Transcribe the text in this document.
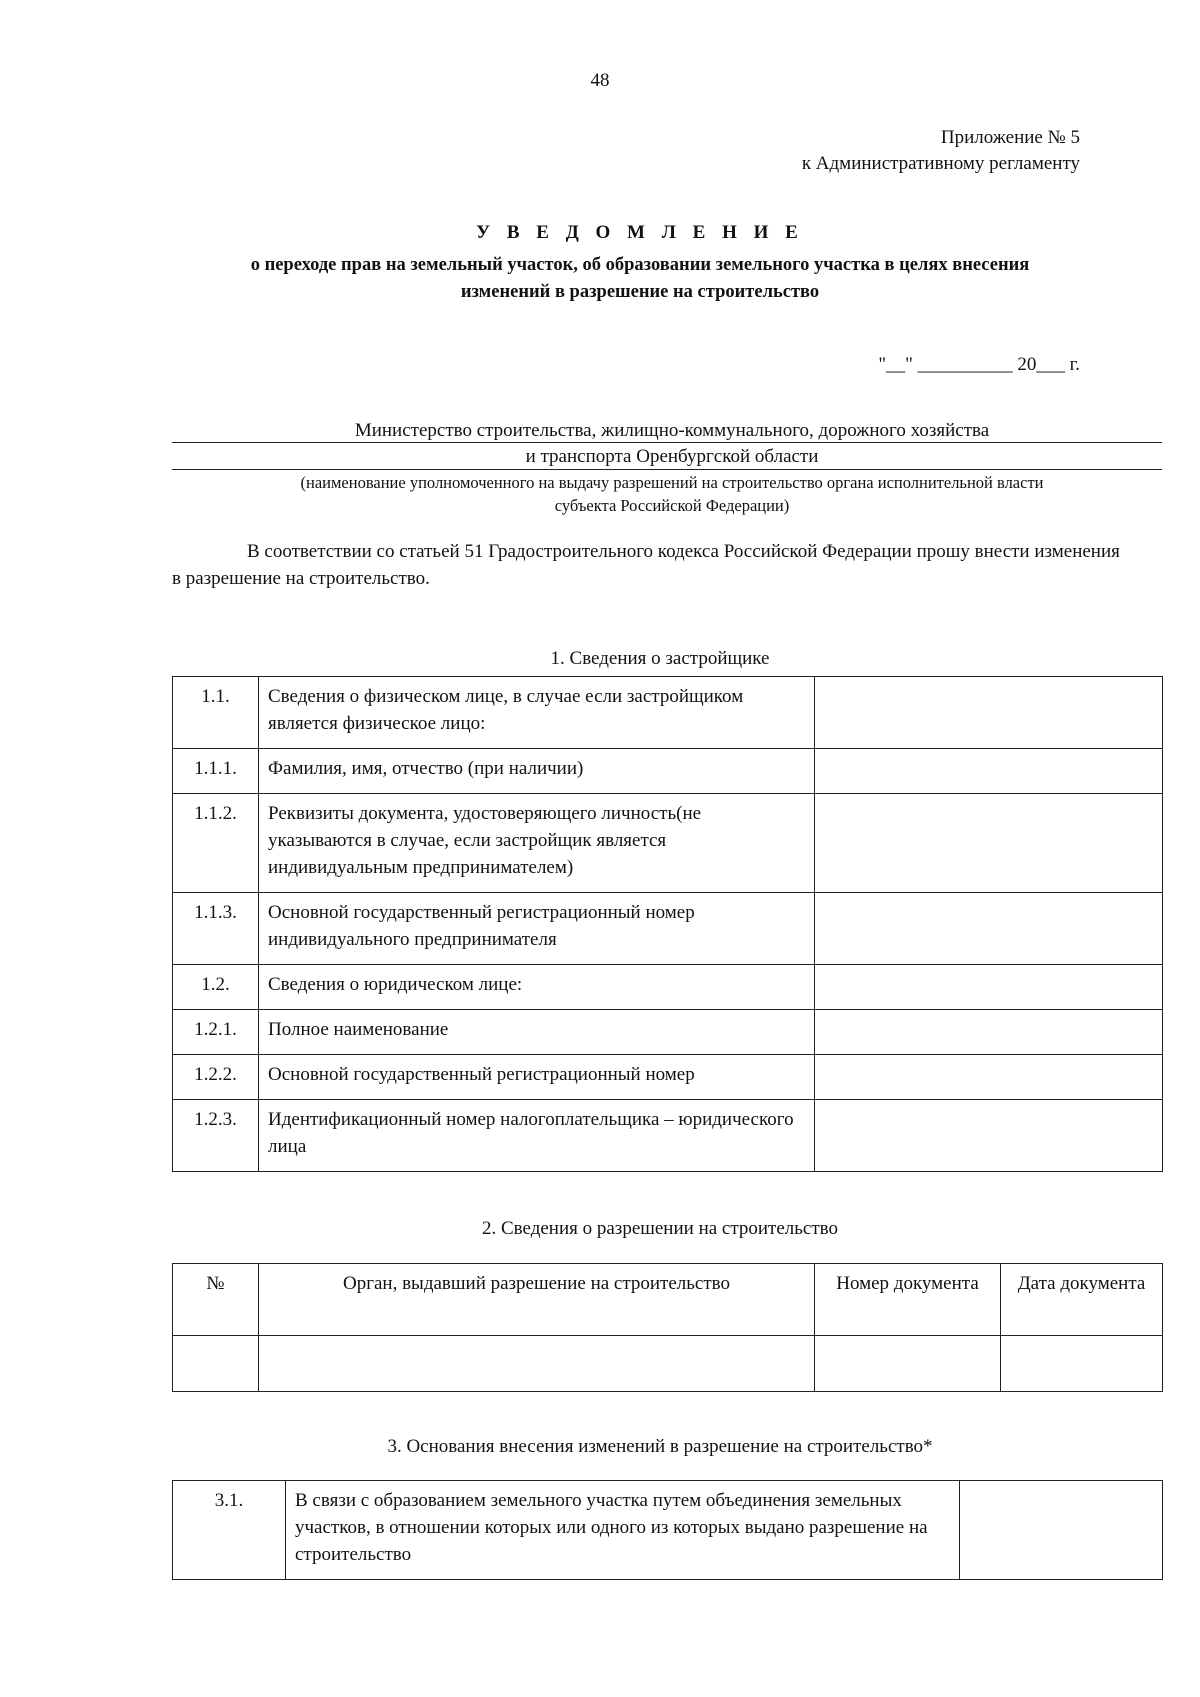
48
Приложение № 5
к Административному регламенту
У В Е Д О М Л Е Н И Е
о переходе прав на земельный участок, об образовании земельного участка в целях внесения
изменений в разрешение на строительство
"__" __________ 20___ г.
Министерство строительства, жилищно-коммунального, дорожного хозяйства
и транспорта Оренбургской области
(наименование уполномоченного на выдачу разрешений на строительство органа исполнительной власти
субъекта Российской Федерации)
В соответствии со статьей 51 Градостроительного кодекса Российской Федерации прошу внести изменения в разрешение на строительство.
1. Сведения о застройщике
1.1.	Сведения о физическом лице, в случае если застройщиком является физическое лицо:	
1.1.1.	Фамилия, имя, отчество (при наличии)	
1.1.2.	Реквизиты документа, удостоверяющего личность(не указываются в случае, если застройщик является индивидуальным предпринимателем)	
1.1.3.	Основной государственный регистрационный номер индивидуального предпринимателя	
1.2.	Сведения о юридическом лице:	
1.2.1.	Полное наименование	
1.2.2.	Основной государственный регистрационный номер	
1.2.3.	Идентификационный номер налогоплательщика – юридического лица	
2. Сведения о разрешении на строительство
№	Орган, выдавший разрешение на строительство	Номер документа	Дата документа

3. Основания внесения изменений в разрешение на строительство*
3.1.	В связи с образованием земельного участка путем объединения земельных участков, в отношении которых или одного из которых выдано разрешение на строительство	
